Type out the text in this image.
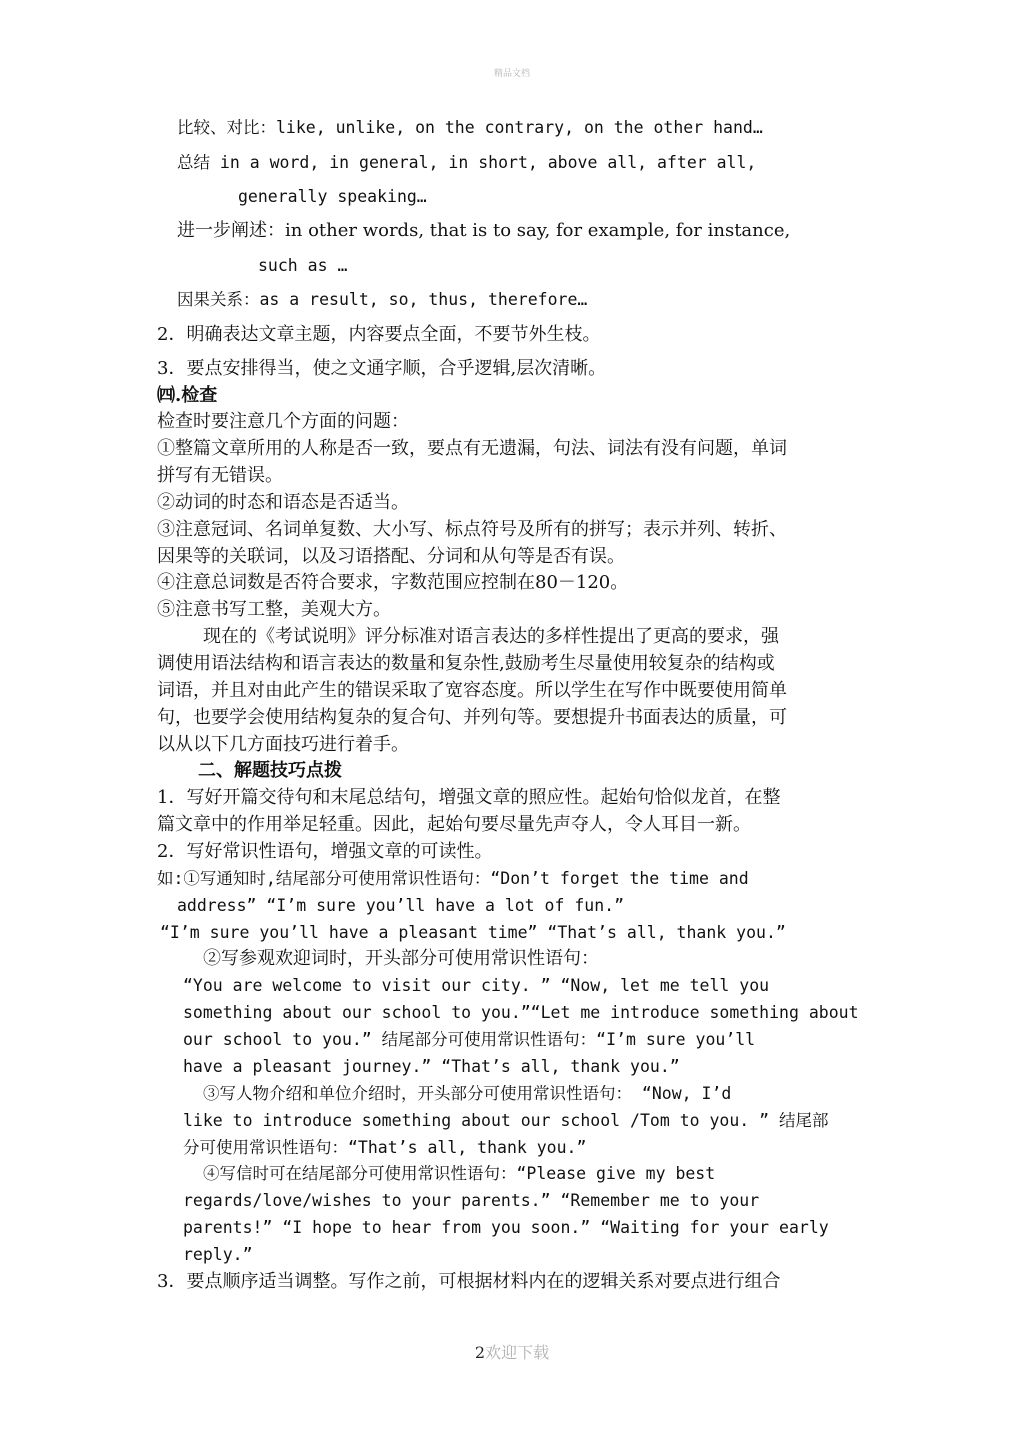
精品文档
比较、对比：like, unlike, on the contrary, on the other hand…
总结 in a word, in general, in short, above all, after all,
generally speaking…
进一步阐述：in other words, that is to say, for example, for instance,
such as …
因果关系：as a result, so, thus, therefore…
2．明确表达文章主题，内容要点全面，不要节外生枝。
3．要点安排得当，使之文通字顺，合乎逻辑,层次清晰。
㈣.检查
检查时要注意几个方面的问题：
①整篇文章所用的人称是否一致，要点有无遗漏，句法、词法有没有问题，单词
拼写有无错误。
②动词的时态和语态是否适当。
③注意冠词、名词单复数、大小写、标点符号及所有的拼写；表示并列、转折、
因果等的关联词，以及习语搭配、分词和从句等是否有误。
④注意总词数是否符合要求，字数范围应控制在80－120。
⑤注意书写工整，美观大方。
现在的《考试说明》评分标准对语言表达的多样性提出了更高的要求，强
调使用语法结构和语言表达的数量和复杂性,鼓励考生尽量使用较复杂的结构或
词语，并且对由此产生的错误采取了宽容态度。所以学生在写作中既要使用简单
句，也要学会使用结构复杂的复合句、并列句等。要想提升书面表达的质量，可
以从以下几方面技巧进行着手。
二、解题技巧点拨
1．写好开篇交待句和末尾总结句，增强文章的照应性。起始句恰似龙首，在整
篇文章中的作用举足轻重。因此，起始句要尽量先声夺人，令人耳目一新。
2．写好常识性语句，增强文章的可读性。
如:①写通知时,结尾部分可使用常识性语句：“Don’t forget the time and
address” “I’m sure you’ll have a lot of fun.”
“I’m sure you’ll have a pleasant time” “That’s all, thank you.”
②写参观欢迎词时，开头部分可使用常识性语句：
“You are welcome to visit our city. ” “Now, let me tell you
something about our school to you.”“Let me introduce something about
our school to you.” 结尾部分可使用常识性语句：“I’m sure you’ll
have a pleasant journey.” “That’s all, thank you.”
③写人物介绍和单位介绍时，开头部分可使用常识性语句： “Now, I’d
like to introduce something about our school /Tom to you. ” 结尾部
分可使用常识性语句：“That’s all, thank you.”
④写信时可在结尾部分可使用常识性语句：“Please give my best
regards/love/wishes to your parents.” “Remember me to your
parents!” “I hope to hear from you soon.” “Waiting for your early
reply.”
3．要点顺序适当调整。写作之前，可根据材料内在的逻辑关系对要点进行组合
2欢迎下载
